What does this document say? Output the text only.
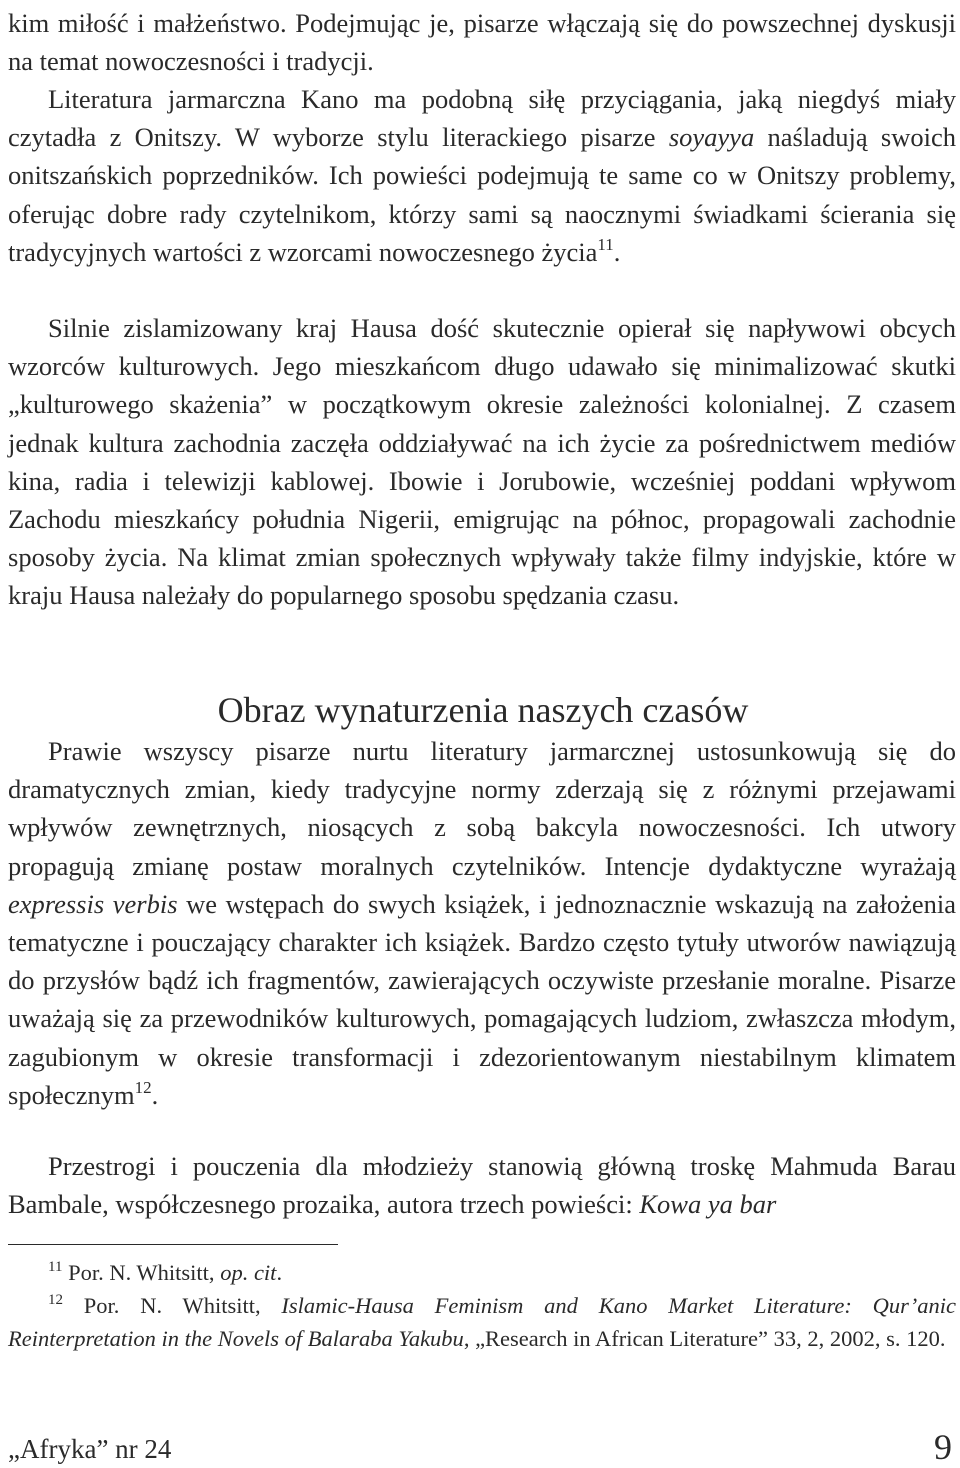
kim miłość i małżeństwo. Podejmując je, pisarze włączają się do powszechnej dyskusji na temat nowoczesności i tradycji.

Literatura jarmarczna Kano ma podobną siłę przyciągania, jaką niegdyś miały czytadła z Onitszy. W wyborze stylu literackiego pisarze soyayya naśladują swoich onitszańskich poprzedników. Ich powieści podejmują te same co w Onitszy problemy, oferując dobre rady czytelnikom, którzy sami są naocznymi świadkami ścierania się tradycyjnych wartości z wzorcami nowoczesnego życia$^{11}$.

Silnie zislamizowany kraj Hausa dość skutecznie opierał się napływowi obcych wzorców kulturowych. Jego mieszkańcom długo udawało się minimalizować skutki „kulturowego skażenia” w początkowym okresie zależności kolonialnej. Z czasem jednak kultura zachodnia zaczęła oddziaływać na ich życie za pośrednictwem mediów kina, radia i telewizji kablowej. Ibowie i Jorubowie, wcześniej poddani wpływom Zachodu mieszkańcy południa Nigerii, emigrując na północ, propagowali zachodnie sposoby życia. Na klimat zmian społecznych wpływały także filmy indyjskie, które w kraju Hausa należały do popularnego sposobu spędzania czasu.

Obraz wynaturzenia naszych czasów

Prawie wszyscy pisarze nurtu literatury jarmarcznej ustosunkowują się do dramatycznych zmian, kiedy tradycyjne normy zderzają się z różnymi przejawami wpływów zewnętrznych, niosących z sobą bakcyla nowoczesności. Ich utwory propagują zmianę postaw moralnych czytelników. Intencje dydaktyczne wyrażają expressis verbis we wstępach do swych książek, i jednoznacznie wskazują na założenia tematyczne i pouczający charakter ich książek. Bardzo często tytuły utworów nawiązują do przysłów bądź ich fragmentów, zawierających oczywiste przesłanie moralne. Pisarze uważają się za przewodników kulturowych, pomagających ludziom, zwłaszcza młodym, zagubionym w okresie transformacji i zdezorientowanym niestabilnym klimatem społecznym$^{12}$.

Przestrogi i pouczenia dla młodzieży stanowią główną troskę Mahmuda Barau Bambale, współczesnego prozaika, autora trzech powieści: Kowa ya bar

$^{11}$ Por. N. Whitsitt, op. cit.

$^{12}$ Por. N. Whitsitt, Islamic-Hausa Feminism and Kano Market Literature: Qur’anic Reinterpretation in the Novels of Balaraba Yakubu, „Research in African Literature” 33, 2, 2002, s. 120.

„Afryka” nr 24	9
